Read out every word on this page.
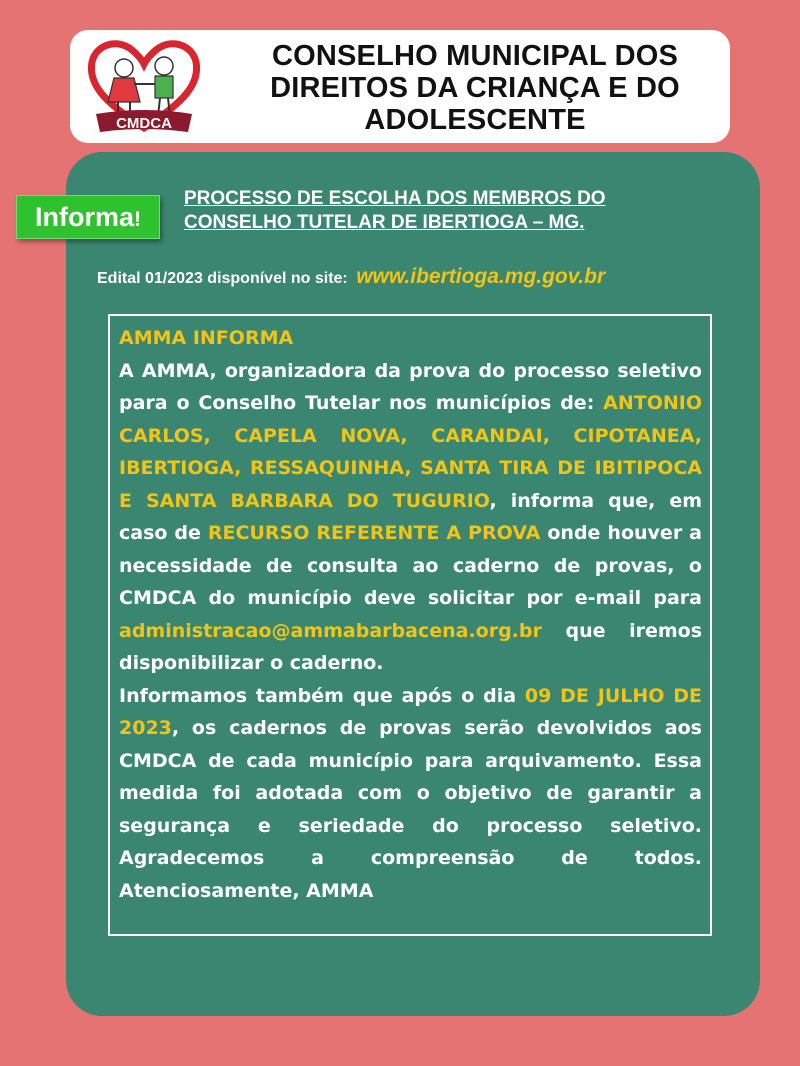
CMDCA
CONSELHO MUNICIPAL DOS
DIREITOS DA CRIANÇA E DO
ADOLESCENTE
Informa!
PROCESSO DE ESCOLHA DOS MEMBROS DO
CONSELHO TUTELAR DE IBERTIOGA – MG.
Edital 01/2023 disponível no site: www.ibertioga.mg.gov.br
AMMA INFORMA

A AMMA, organizadora da prova do processo seletivo para o Conselho Tutelar nos municípios de: ANTONIO CARLOS, CAPELA NOVA, CARANDAI, CIPOTANEA, IBERTIOGA, RESSAQUINHA, SANTA TIRA DE IBITIPOCA E SANTA BARBARA DO TUGURIO, informa que, em caso de RECURSO REFERENTE A PROVA onde houver a necessidade de consulta ao caderno de provas, o CMDCA do município deve solicitar por e-mail para administracao@ammabarbacena.org.br que iremos disponibilizar o caderno.

Informamos também que após o dia 09 DE JULHO DE 2023, os cadernos de provas serão devolvidos aos CMDCA de cada município para arquivamento. Essa medida foi adotada com o objetivo de garantir a segurança e seriedade do processo seletivo. Agradecemos a compreensão de todos. Atenciosamente, AMMA
